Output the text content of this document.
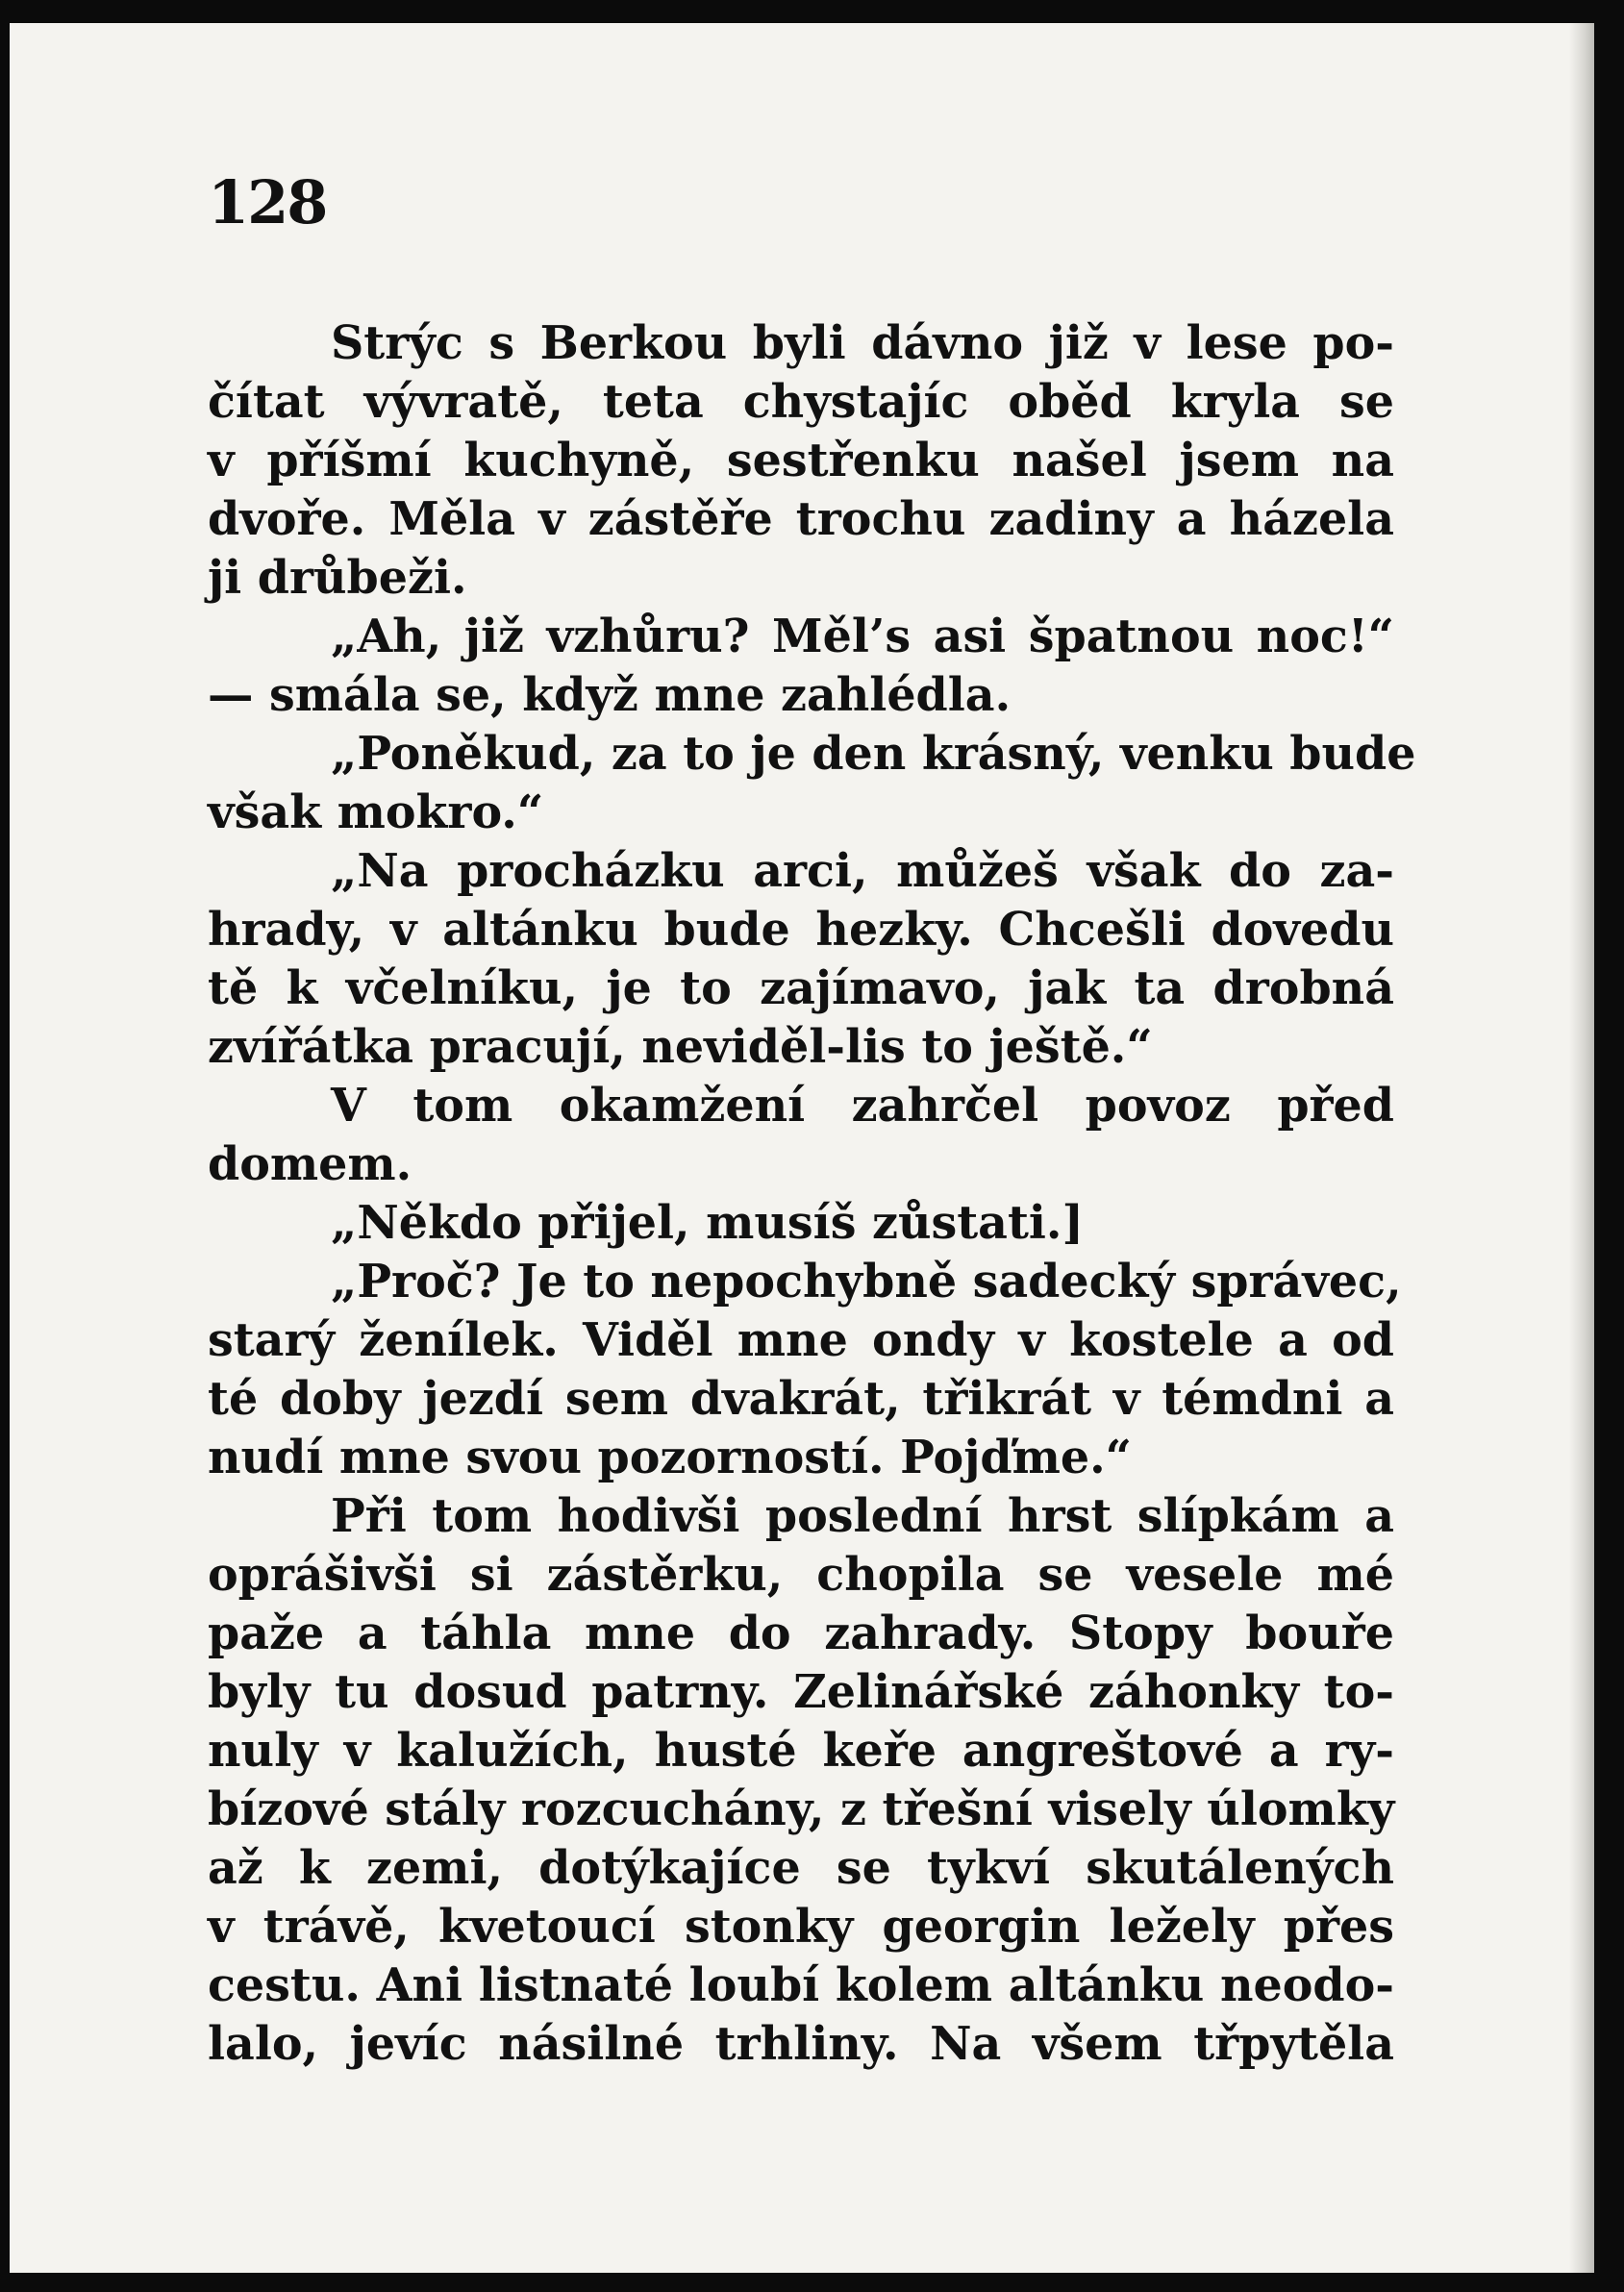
128
Strýc s Berkou byli dávno již v lese po-
čítat vývratě, teta chystajíc oběd kryla se
v příšmí kuchyně, sestřenku našel jsem na
dvoře. Měla v zástěře trochu zadiny a házela
ji drůbeži.
„Ah, již vzhůru? Měl’s asi špatnou noc!“
— smála se, když mne zahlédla.
„Poněkud, za to je den krásný, venku bude
však mokro.“
„Na procházku arci, můžeš však do za-
hrady, v altánku bude hezky. Chcešli dovedu
tě k včelníku, je to zajímavo, jak ta drobná
zvířátka pracují, neviděl-lis to ještě.“
V tom okamžení zahrčel povoz před
domem.
„Někdo přijel, musíš zůstati.]
„Proč? Je to nepochybně sadecký správec,
starý ženílek. Viděl mne ondy v kostele a od
té doby jezdí sem dvakrát, třikrát v témdni a
nudí mne svou pozorností. Pojďme.“
Při tom hodivši poslední hrst slípkám a
oprášivši si zástěrku, chopila se vesele mé
paže a táhla mne do zahrady. Stopy bouře
byly tu dosud patrny. Zelinářské záhonky to-
nuly v kalužích, husté keře angreštové a ry-
bízové stály rozcuchány, z třešní visely úlomky
až k zemi, dotýkajíce se tykví skutálených
v trávě, kvetoucí stonky georgin ležely přes
cestu. Ani listnaté loubí kolem altánku neodo-
lalo, jevíc násilné trhliny. Na všem třpytěla
